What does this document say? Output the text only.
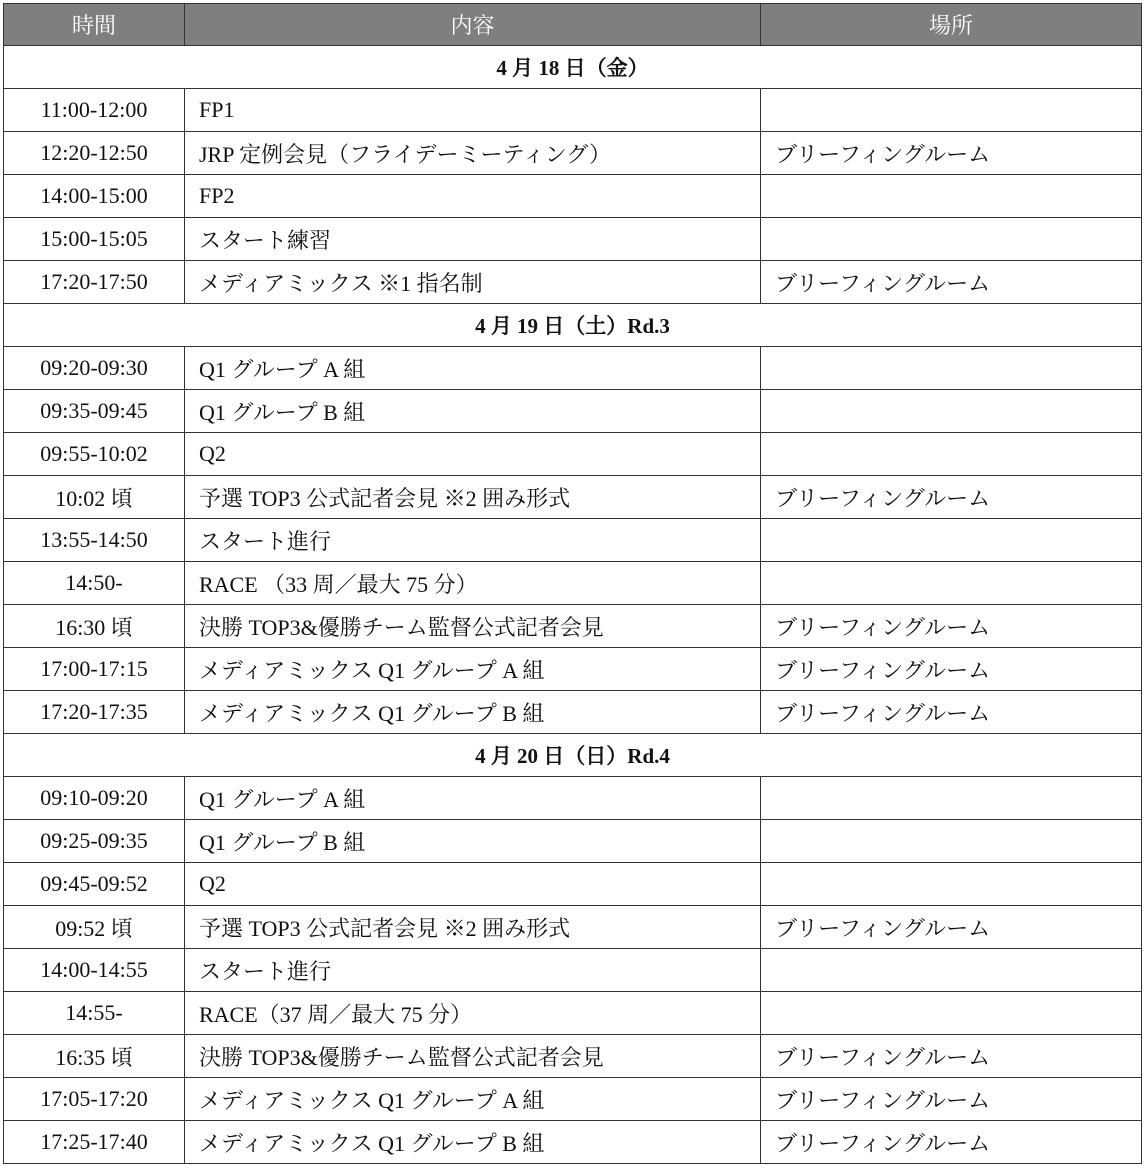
時間	内容	場所
4 月 18 日（金）		
11:00-12:00	FP1	
12:20-12:50	JRP 定例会見（フライデーミーティング）	ブリーフィングルーム
14:00-15:00	FP2	
15:00-15:05	スタート練習	
17:20-17:50	メディアミックス ※1 指名制	ブリーフィングルーム
4 月 19 日（土）Rd.3		
09:20-09:30	Q1 グループ A 組	
09:35-09:45	Q1 グループ B 組	
09:55-10:02	Q2	
10:02 頃	予選 TOP3 公式記者会見 ※2 囲み形式	ブリーフィングルーム
13:55-14:50	スタート進行	
14:50-	RACE （33 周／最大 75 分）	
16:30 頃	決勝 TOP3&優勝チーム監督公式記者会見	ブリーフィングルーム
17:00-17:15	メディアミックス Q1 グループ A 組	ブリーフィングルーム
17:20-17:35	メディアミックス Q1 グループ B 組	ブリーフィングルーム
4 月 20 日（日）Rd.4		
09:10-09:20	Q1 グループ A 組	
09:25-09:35	Q1 グループ B 組	
09:45-09:52	Q2	
09:52 頃	予選 TOP3 公式記者会見 ※2 囲み形式	ブリーフィングルーム
14:00-14:55	スタート進行	
14:55-	RACE（37 周／最大 75 分）	
16:35 頃	決勝 TOP3&優勝チーム監督公式記者会見	ブリーフィングルーム
17:05-17:20	メディアミックス Q1 グループ A 組	ブリーフィングルーム
17:25-17:40	メディアミックス Q1 グループ B 組	ブリーフィングルーム
